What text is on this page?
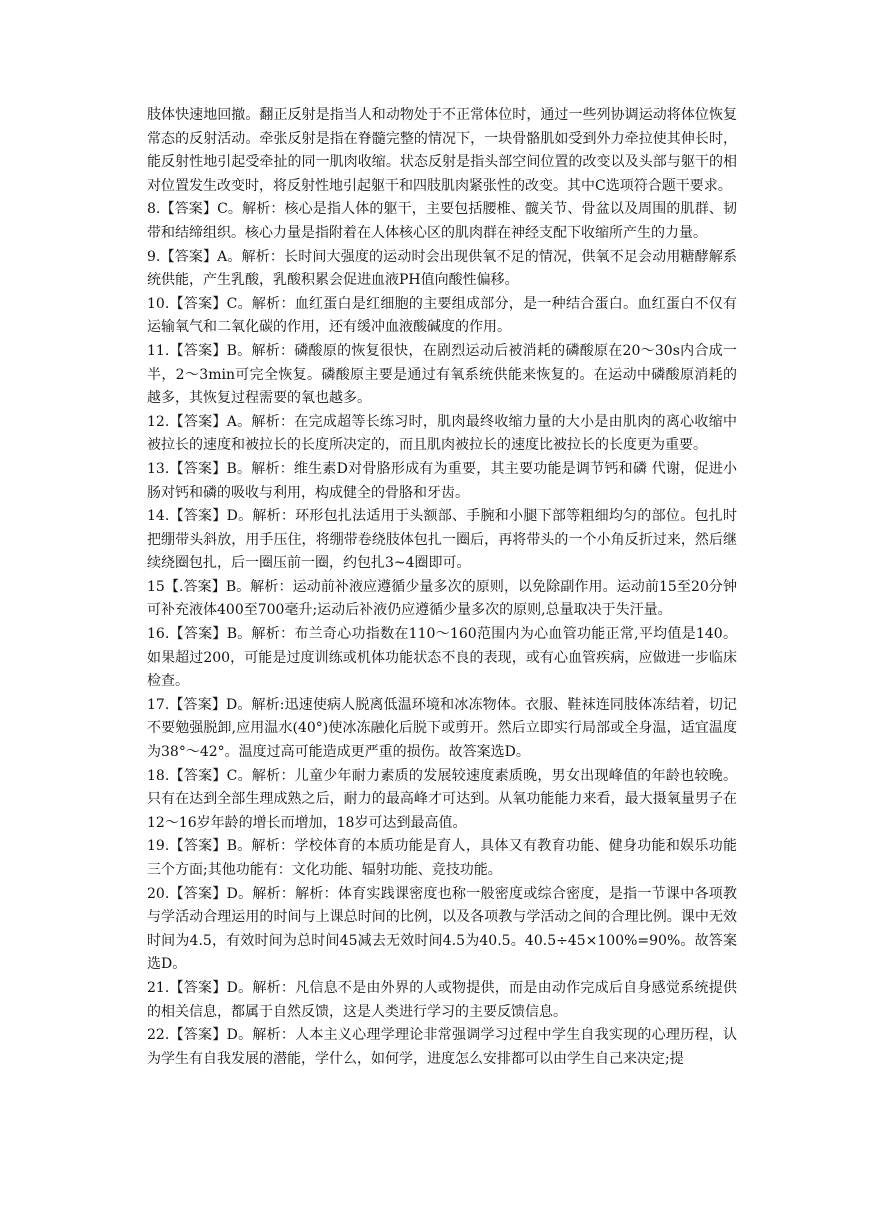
肢体快速地回撤。翻正反射是指当人和动物处于不正常体位时，通过一些列协调运动将体位恢复常态的反射活动。牵张反射是指在脊髓完整的情况下，一块骨骼肌如受到外力牵拉使其伸长时，能反射性地引起受牵扯的同一肌肉收缩。状态反射是指头部空间位置的改变以及头部与躯干的相对位置发生改变时，将反射性地引起躯干和四肢肌肉紧张性的改变。其中C选项符合题干要求。

8.【答案】C。解析：核心是指人体的躯干，主要包括腰椎、髋关节、骨盆以及周围的肌群、韧带和结缔组织。核心力量是指附着在人体核心区的肌肉群在神经支配下收缩所产生的力量。

9.【答案】A。解析：长时间大强度的运动时会出现供氧不足的情况，供氧不足会动用糖酵解系统供能，产生乳酸，乳酸积累会促进血液PH值向酸性偏移。

10.【答案】C。解析：血红蛋白是红细胞的主要组成部分，是一种结合蛋白。血红蛋白不仅有运输氧气和二氧化碳的作用，还有缓冲血液酸碱度的作用。

11.【答案】B。解析：磷酸原的恢复很快，在剧烈运动后被消耗的磷酸原在20～30s内合成一半，2～3min可完全恢复。磷酸原主要是通过有氧系统供能来恢复的。在运动中磷酸原消耗的越多，其恢复过程需要的氧也越多。

12.【答案】A。解析：在完成超等长练习时，肌肉最终收缩力量的大小是由肌肉的离心收缩中被拉长的速度和被拉长的长度所决定的，而且肌肉被拉长的速度比被拉长的长度更为重要。

13.【答案】B。解析：维生素D对骨胳形成有为重要，其主要功能是调节钙和磷 代谢，促进小肠对钙和磷的吸收与利用，构成健全的骨胳和牙齿。

14.【答案】D。解析：环形包扎法适用于头额部、手腕和小腿下部等粗细均匀的部位。包扎时把绷带头斜放，用手压住，将绷带卷绕肢体包扎一圈后，再将带头的一个小角反折过来，然后继续绕圈包扎，后一圈压前一圈，约包扎3~4圈即可。

15【.答案】B。解析：运动前补液应遵循少量多次的原则，以免除副作用。运动前15至20分钟可补充液体400至700毫升;运动后补液仍应遵循少量多次的原则,总量取决于失汗量。

16.【答案】B。解析：布兰奇心功指数在110～160范围内为心血管功能正常,平均值是140。如果超过200，可能是过度训练或机体功能状态不良的表现，或有心血管疾病，应做进一步临床检查。

17.【答案】D。解析:迅速使病人脱离低温环境和冰冻物体。衣服、鞋袜连同肢体冻结着，切记不要勉强脱卸,应用温水(40°)使冰冻融化后脱下或剪开。然后立即实行局部或全身温，适宜温度为38°～42°。温度过高可能造成更严重的损伤。故答案选D。

18.【答案】C。解析：儿童少年耐力素质的发展较速度素质晚，男女出现峰值的年龄也较晚。只有在达到全部生理成熟之后，耐力的最高峰才可达到。从氧功能能力来看，最大摄氧量男子在12～16岁年龄的增长而增加，18岁可达到最高值。

19.【答案】B。解析：学校体育的本质功能是育人，具体又有教育功能、健身功能和娱乐功能三个方面;其他功能有：文化功能、辐射功能、竞技功能。

20.【答案】D。解析：解析：体育实践课密度也称一般密度或综合密度，是指一节课中各项教与学活动合理运用的时间与上课总时间的比例，以及各项教与学活动之间的合理比例。课中无效时间为4.5，有效时间为总时间45减去无效时间4.5为40.5。40.5÷45×100%=90%。故答案选D。

21.【答案】D。解析：凡信息不是由外界的人或物提供，而是由动作完成后自身感觉系统提供的相关信息，都属于自然反馈，这是人类进行学习的主要反馈信息。

22.【答案】D。解析：人本主义心理学理论非常强调学习过程中学生自我实现的心理历程，认为学生有自我发展的潜能，学什么，如何学，进度怎么安排都可以由学生自己来决定;提
